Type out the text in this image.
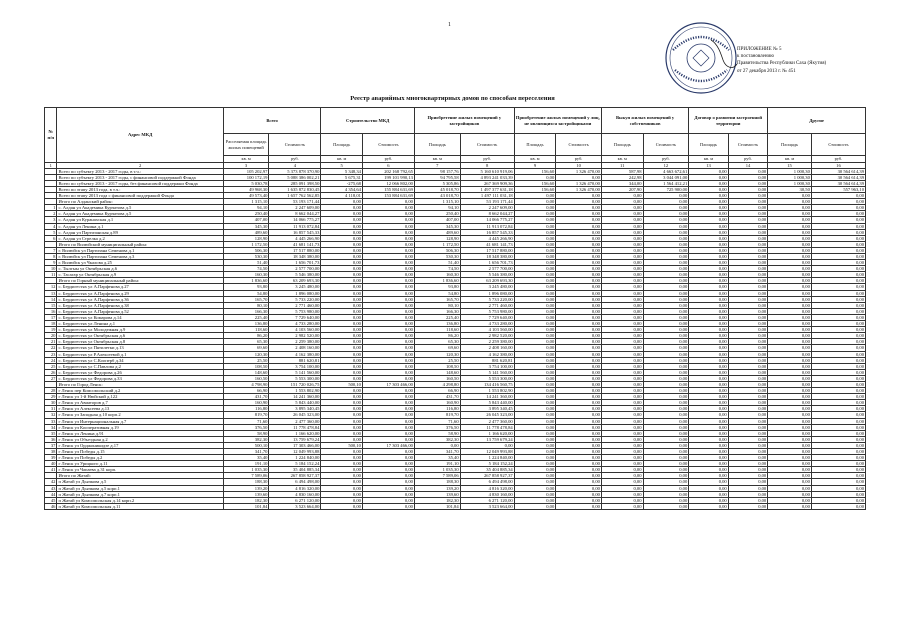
1
ПРИЛОЖЕНИЕ № 5
к постановлению
Правительства Республики Саха (Якутия)
от 27 декабря 2013 г. № 451
Реестр аварийных многоквартирных домов по способам переселения
№ п/п	Адрес МКД	Всего		Строительство МКД		Приобретение жилых помещений у застройщиков		Приобретение жилых помещений у лиц, не являющихся застройщиками		Выкуп жилых помещений у собственников		Договор о развитии застроенной территории		Другие	
		Расселяемая площадь жилых помещений	Стоимость	Площадь	Стоимость	Площадь	Стоимость	Площадь	Стоимость	Площадь	Стоимость	Площадь	Стоимость	Площадь	Стоимость
		кв. м	руб.	кв. м	руб.	кв. м	руб.	кв. м	руб.	кв. м	руб.	кв. м	руб.	кв. м	руб.
1	2	3	4	5	6	7	8	9	10	11	12	13	14	15	16
	Всего по субъекту 2013 - 2017 годы, в т.ч.:	105 202,97	5 373 878 370,90	5 348,34	202 168 792,65	98 157,76	5 160 610 919,06	156,60	1 326 470,00	587,98	4 663 672,61	0,00	0,00	1 000,30	30 564 614,39
	Всего по субъекту 2013 - 2017 годы, с финансовой поддержкой Фонда	100 172,19	5 088 386 002,21	5 675,31	199 101 990,13	94 795,58	4 893 241 033,39	0,00	0,00	242,98	3 044 091,00	0,00	0,00	1 000,30	30 564 614,39
	Всего по субъекту 2013 - 2017 годы, без финансовой поддержки Фонда	5 030,78	285 091 398,50	-275,68	12 066 802,00	5 305,86	267 369 909,36	156,60	1 326 470,00	344,00	1 564 412,21	0,00	0,00	1 000,30	30 564 614,39
	Всего по этапу 2013 года, в т.ч.:	49 968,30	1 635 872 830,45	4 354,64	155 884 631,69	45 018,70	1 497 377 631,18	156,60	1 326 470,00	207,90	725 900,00	0,00	0,00	30,50	557 963,10
	Всего по этапу 2013 года с финансовой поддержкой Фонда	49 573,40	1 657 762 562,85	4 118,01	153 884 631,69	43 018,70	1 497 111 031,18	0,00	0,00	0,00	0,00	0,00	0,00	0,00	0,00
	Итого по Алданский район:	1 315,10	53 193 171,44	0,00	0,00	1 315,10	53 193 171,44	0,00	0,00	0,00	0,00	0,00	0,00	0,00	0,00
1	с. Алдан ул Академика Курчатова д.5	94,10	2 247 609,00	0,00	0,00	94,10	2 247 609,00	0,00	0,00	0,00	0,00	0,00	0,00	0,00	0,00
2	с. Алдан ул Академика Курчатова д.5	250,40	8 662 044,27	0,00	0,00	250,40	8 662 044,27	0,00	0,00	0,00	0,00	0,00	0,00	0,00	0,00
3	с. Алдан ул Куранахская д.1	407,00	14 066 775,27	0,00	0,00	407,00	14 066 775,27	0,00	0,00	0,00	0,00	0,00	0,00	0,00	0,00
4	с. Алдан ул Ленина д.1	345,30	11 913 072,84	0,00	0,00	345,30	11 913 072,84	0,00	0,00	0,00	0,00	0,00	0,00	0,00	0,00
5	с. Алдан ул Партизанская д.89	489,60	16 857 545,33	0,00	0,00	489,60	16 857 545,33	0,00	0,00	0,00	0,00	0,00	0,00	0,00	0,00
6	с. Алдан ул Стрелка д.2	128,90	4 445 266,90	0,00	0,00	128,90	4 445 266,90	0,00	0,00	0,00	0,00	0,00	0,00	0,00	0,00
	Итого по Вилюйский муниципальный район:	1 172,50	41 681 141,73	0,00	0,00	1 172,50	41 681 141,73	0,00	0,00	0,00	0,00	0,00	0,00	0,00	0,00
7	г. Вилюйск ул Партизана Семенова д.1	506,30	17 517 880,00	0,00	0,00	506,30	17 517 880,00	0,00	0,00	0,00	0,00	0,00	0,00	0,00	0,00
8	г. Вилюйск ул Партизана Семенова д.3	530,30	18 348 380,00	0,00	0,00	530,30	18 348 380,00	0,00	0,00	0,00	0,00	0,00	0,00	0,00	0,00
9	г. Вилюйск ул Чкалова д.25	51,40	1 656 701,73	0,00	0,00	51,40	1 656 701,73	0,00	0,00	0,00	0,00	0,00	0,00	0,00	0,00
10	с. Тылгыы ул Октябрьская д.6	74,50	2 577 700,00	0,00	0,00	74,50	2 577 700,00	0,00	0,00	0,00	0,00	0,00	0,00	0,00	0,00
11	с. Тасагар ул Октябрьская д.9	160,30	5 546 380,00	0,00	0,00	160,30	5 546 380,00	0,00	0,00	0,00	0,00	0,00	0,00	0,00	0,00
	Итого по Горный муниципальный район:	1 836,60	63 209 693,30	0,00	0,00	1 836,60	63 209 693,30	0,00	0,00	0,00	0,00	0,00	0,00	0,00	0,00
12	с. Бердигестях ул А.Парфенова д.27	93,80	3 245 480,00	0,00	0,00	93,80	3 245 480,00	0,00	0,00	0,00	0,00	0,00	0,00	0,00	0,00
13	с. Бердигестях ул А.Парфенова д.29	54,80	1 896 080,00	0,00	0,00	54,80	1 896 080,00	0,00	0,00	0,00	0,00	0,00	0,00	0,00	0,00
14	с. Бердигестях ул А.Парфенова д.36	165,70	5 733 220,00	0,00	0,00	165,70	5 733 220,00	0,00	0,00	0,00	0,00	0,00	0,00	0,00	0,00
15	с. Бердигестях ул А.Парфенова д.38	80,10	2 771 460,00	0,00	0,00	80,10	2 771 460,00	0,00	0,00	0,00	0,00	0,00	0,00	0,00	0,00
16	с. Бердигестях ул А.Парфенова д.52	166,30	5 753 980,00	0,00	0,00	166,30	5 753 980,00	0,00	0,00	0,00	0,00	0,00	0,00	0,00	0,00
17	с. Бердигестях ул Комарова д.14	225,40	7 729 640,00	0,00	0,00	225,40	7 729 640,00	0,00	0,00	0,00	0,00	0,00	0,00	0,00	0,00
18	с. Бердигестях ул Ленина д.1	136,80	4 733 280,00	0,00	0,00	136,80	4 733 280,00	0,00	0,00	0,00	0,00	0,00	0,00	0,00	0,00
19	с. Бердигестях ул Молодежная д.9	118,60	4 103 560,00	0,00	0,00	118,60	4 103 560,00	0,00	0,00	0,00	0,00	0,00	0,00	0,00	0,00
20	с. Бердигестях ул Октябрьская д.6	86,20	2 982 520,00	0,00	0,00	86,20	2 982 520,00	0,00	0,00	0,00	0,00	0,00	0,00	0,00	0,00
21	с. Бердигестях ул Октябрьская д.8	65,30	2 259 380,00	0,00	0,00	65,30	2 259 380,00	0,00	0,00	0,00	0,00	0,00	0,00	0,00	0,00
22	с. Бердигестях ул Пятилетки д.13	69,60	2 408 160,00	0,00	0,00	69,60	2 408 160,00	0,00	0,00	0,00	0,00	0,00	0,00	0,00	0,00
23	с. Бердигестях ул Р.Алексеевой д.1	120,30	4 162 380,00	0,00	0,00	120,30	4 162 380,00	0,00	0,00	0,00	0,00	0,00	0,00	0,00	0,00
24	с. Бердигестях ул С.Кооперб д.34	25,50	881 620,81	0,00	0,00	25,50	881 620,81	0,00	0,00	0,00	0,00	0,00	0,00	0,00	0,00
25	с. Бердигестях ул С.Павлова д.2	108,50	3 754 100,00	0,00	0,00	108,50	3 754 100,00	0,00	0,00	0,00	0,00	0,00	0,00	0,00	0,00
26	с. Бердигестях ул Федорова д.26	148,60	5 141 560,00	0,00	0,00	148,60	5 141 560,00	0,00	0,00	0,00	0,00	0,00	0,00	0,00	0,00
27	с. Бердигестях ул Федорова д.33	160,50	5 553 300,00	0,00	0,00	160,50	5 553 300,00	0,00	0,00	0,00	0,00	0,00	0,00	0,00	0,00
	Итого по Город Ленск:	4 798,90	151 720 026,75	500,10	17 303 466,00	4 298,80	134 416 560,75	0,00	0,00	0,00	0,00	0,00	0,00	0,00	0,00
28	г Ленск пер Комсомольский д.2	66,90	1 553 802,90	0,00	0,00	66,90	1 553 802,90	0,00	0,00	0,00	0,00	0,00	0,00	0,00	0,00
29	г Ленск ул 1-й Нюйский д.122	431,70	14 241 360,00	0,00	0,00	431,70	14 241 360,00	0,00	0,00	0,00	0,00	0,00	0,00	0,00	0,00
30	г Ленск ул Авиаторов д.7	160,90	5 843 440,00	0,00	0,00	160,90	5 843 440,00	0,00	0,00	0,00	0,00	0,00	0,00	0,00	0,00
31	г Ленск ул Алексеева д.13	116,80	3 895 340,45	0,00	0,00	116,80	3 895 340,45	0,00	0,00	0,00	0,00	0,00	0,00	0,00	0,00
32	г Ленск ул Западная д.10 корп.2	819,70	26 045 323,00	0,00	0,00	819,70	26 045 323,00	0,00	0,00	0,00	0,00	0,00	0,00	0,00	0,00
33	г Ленск ул Интернациональная д.7	71,60	2 477 360,00	0,00	0,00	71,60	2 477 360,00	0,00	0,00	0,00	0,00	0,00	0,00	0,00	0,00
34	г Ленск ул Кооперативная д.19	376,50	11 778 478,84	0,00	0,00	376,50	11 778 478,84	0,00	0,00	0,00	0,00	0,00	0,00	0,00	0,00
35	г Ленск ул Ленина д.91	58,90	1 166 620,00	0,00	0,00	58,90	1 166 620,00	0,00	0,00	0,00	0,00	0,00	0,00	0,00	0,00
36	г Ленск ул Объездная д.2	382,30	13 759 679,24	0,00	0,00	382,30	13 759 679,24	0,00	0,00	0,00	0,00	0,00	0,00	0,00	0,00
37	г Ленск ул Орджоникидзе д.17	500,10	17 303 466,00	500,10	17 303 466,00	0,00	0,00	0,00	0,00	0,00	0,00	0,00	0,00	0,00	0,00
38	г Ленск ул Победы д.15	341,70	12 049 993,88	0,00	0,00	341,70	12 049 993,88	0,00	0,00	0,00	0,00	0,00	0,00	0,00	0,00
39	г Ленск ул Победы д.2	35,40	1 224 840,00	0,00	0,00	35,40	1 224 840,00	0,00	0,00	0,00	0,00	0,00	0,00	0,00	0,00
40	г Ленск ул Урицкого д.11	191,10	5 184 152,24	0,00	0,00	191,10	5 184 152,24	0,00	0,00	0,00	0,00	0,00	0,00	0,00	0,00
41	г Ленск ул Чапаева д.31 корп.	1 035,30	35 404 885,34	0,00	0,00	1 035,30	35 404 885,34	0,00	0,00	0,00	0,00	0,00	0,00	0,00	0,00
	Итого по Жатай:	7 589,06	267 858 927,37	0,00	0,00	7 589,06	267 858 927,37	0,00	0,00	0,00	0,00	0,00	0,00	0,00	0,00
42	п Жатай ул Дьячкова д.5	188,30	6 494 498,00	0,00	0,00	188,30	6 494 498,00	0,00	0,00	0,00	0,00	0,00	0,00	0,00	0,00
43	п Жатай ул Дьячкова д.5 корп.1	139,20	4 816 320,00	0,00	0,00	139,20	4 816 320,00	0,00	0,00	0,00	0,00	0,00	0,00	0,00	0,00
44	п Жатай ул Дьячкова д.7 корп.1	139,60	4 830 160,00	0,00	0,00	139,60	4 830 160,00	0,00	0,00	0,00	0,00	0,00	0,00	0,00	0,00
45	п Жатай ул Комсомольская д.14 корп.2	182,30	6 271 120,00	0,00	0,00	182,30	6 271 120,00	0,00	0,00	0,00	0,00	0,00	0,00	0,00	0,00
46	п Жатай ул Комсомольская д.11	101,84	3 523 664,00	0,00	0,00	101,84	3 523 664,00	0,00	0,00	0,00	0,00	0,00	0,00	0,00	0,00
